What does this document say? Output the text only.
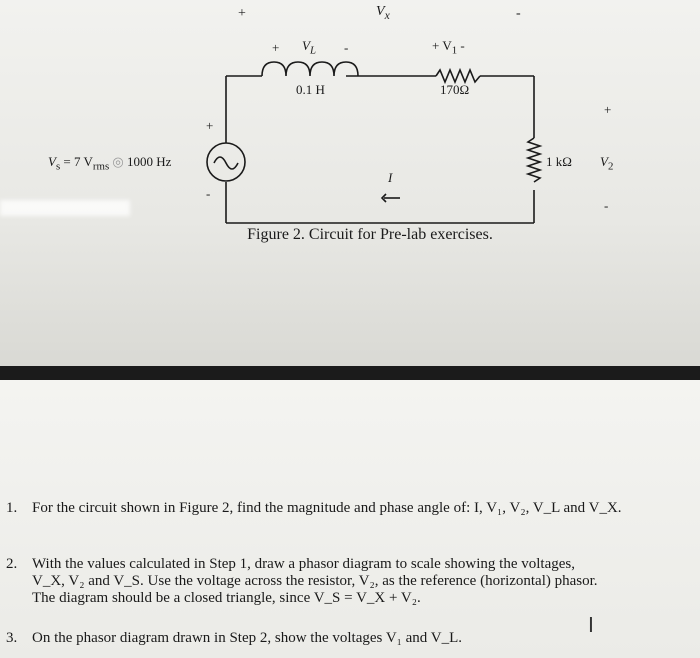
+	$V_x$	-
+ $V_L$ -	+ $V_1$ -
0.1 H	170Ω
+
1 kΩ $V_2$
-
+
-
$V_s = 7$ $V_{rms}$ ◎ 1000 Hz
I
Figure 2. Circuit for Pre-lab exercises.
1. For the circuit shown in Figure 2, find the magnitude and phase angle of: I, V₁, V₂, V_L and V_X.
2. With the values calculated in Step 1, draw a phasor diagram to scale showing the voltages,
V_X, V₂ and V_S. Use the voltage across the resistor, V₂, as the reference (horizontal) phasor.
The diagram should be a closed triangle, since V_S = V_X + V₂.
3. On the phasor diagram drawn in Step 2, show the voltages V₁ and V_L.
I
